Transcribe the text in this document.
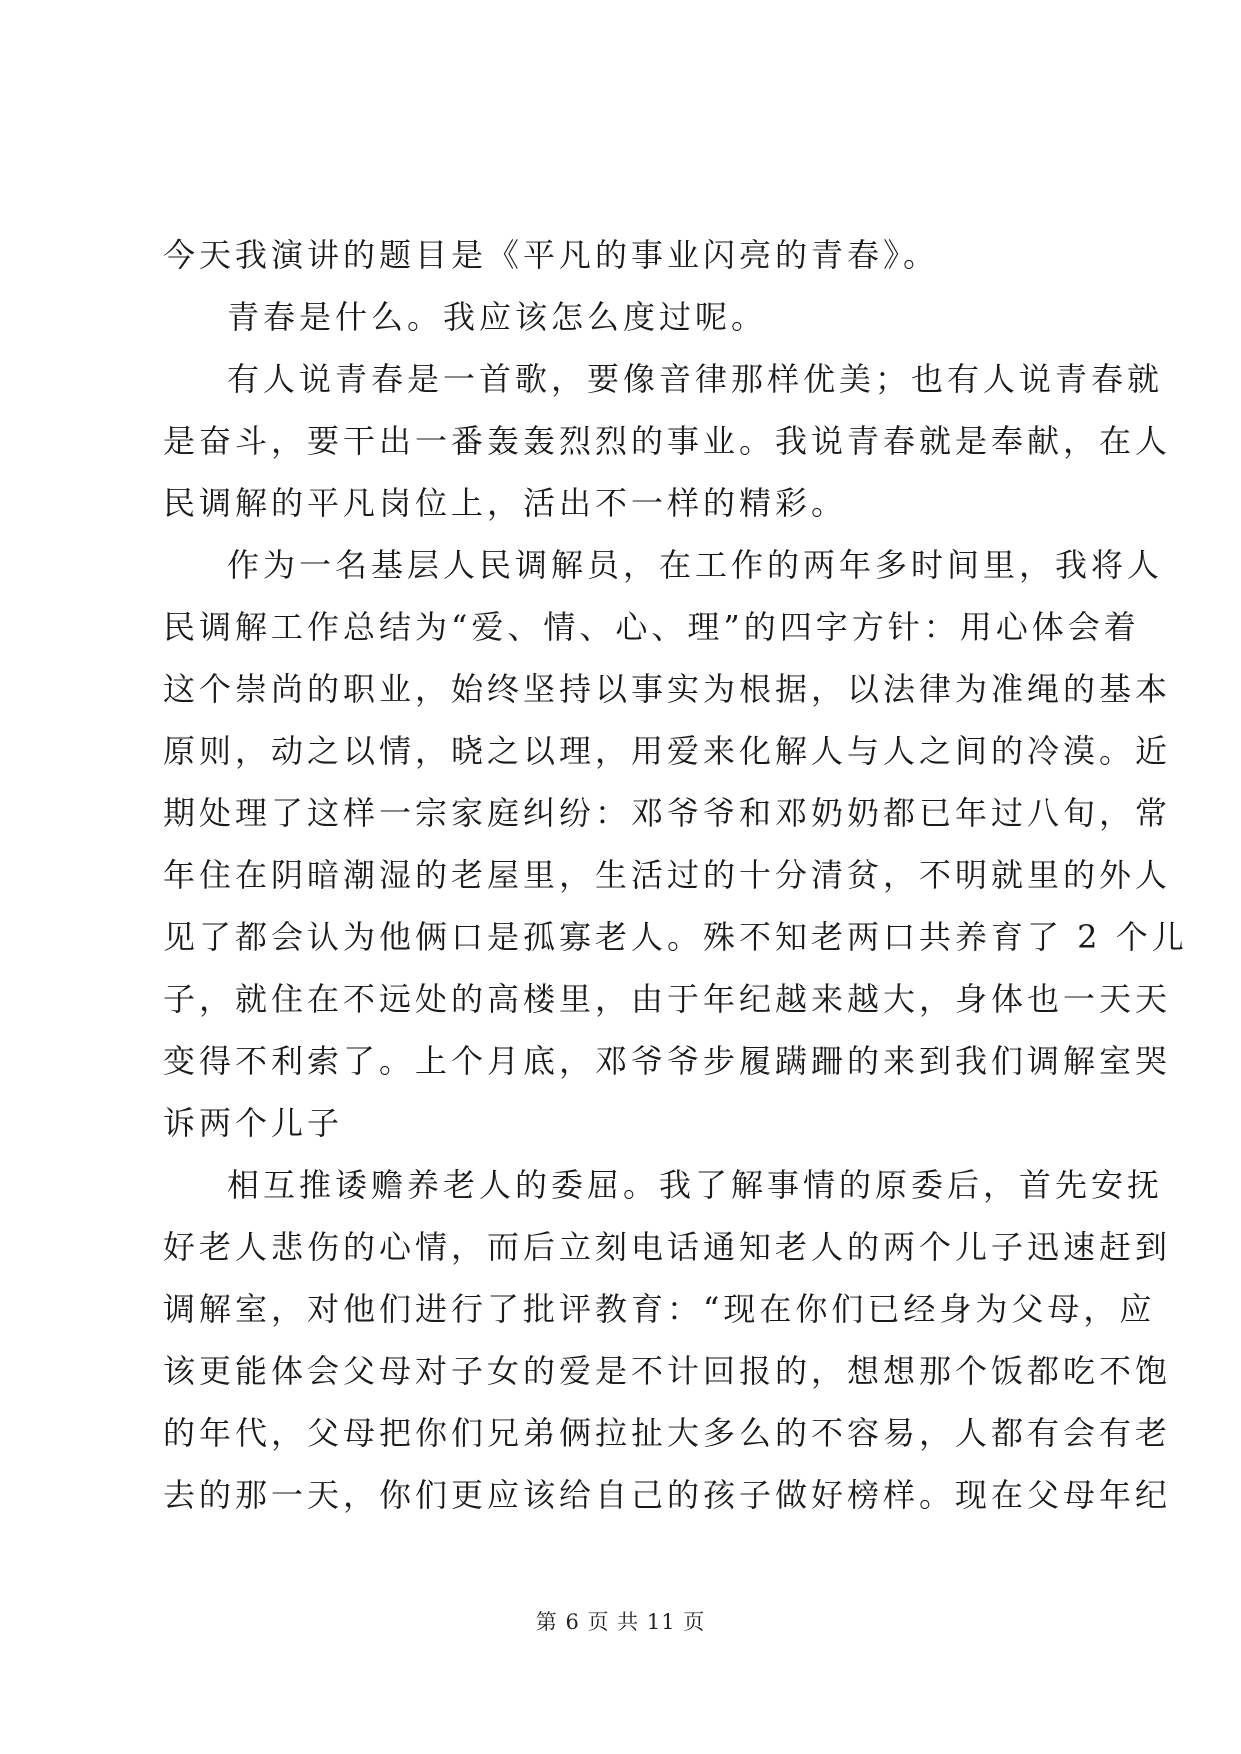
今天我演讲的题目是《平凡的事业闪亮的青春》。
青春是什么。我应该怎么度过呢。
有人说青春是一首歌，要像音律那样优美；也有人说青春就
是奋斗，要干出一番轰轰烈烈的事业。我说青春就是奉献，在人
民调解的平凡岗位上，活出不一样的精彩。
作为一名基层人民调解员，在工作的两年多时间里，我将人
民调解工作总结为“爱、情、心、理”的四字方针：用心体会着
这个崇尚的职业，始终坚持以事实为根据，以法律为准绳的基本
原则，动之以情，晓之以理，用爱来化解人与人之间的冷漠。近
期处理了这样一宗家庭纠纷：邓爷爷和邓奶奶都已年过八旬，常
年住在阴暗潮湿的老屋里，生活过的十分清贫，不明就里的外人
见了都会认为他俩口是孤寡老人。殊不知老两口共养育了 2 个儿
子，就住在不远处的高楼里，由于年纪越来越大，身体也一天天
变得不利索了。上个月底，邓爷爷步履蹒跚的来到我们调解室哭
诉两个儿子
相互推诿赡养老人的委屈。我了解事情的原委后，首先安抚
好老人悲伤的心情，而后立刻电话通知老人的两个儿子迅速赶到
调解室，对他们进行了批评教育：“现在你们已经身为父母，应
该更能体会父母对子女的爱是不计回报的，想想那个饭都吃不饱
的年代，父母把你们兄弟俩拉扯大多么的不容易，人都有会有老
去的那一天，你们更应该给自己的孩子做好榜样。现在父母年纪
第 6 页 共 11 页
